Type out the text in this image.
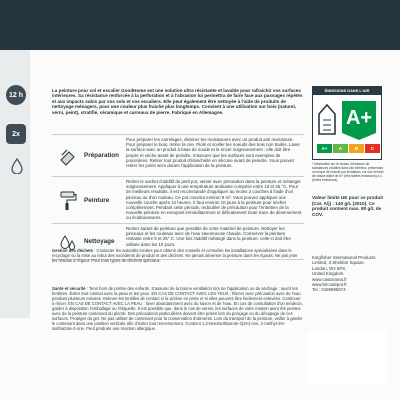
12 h
2x
La peinture pour sol et escalier GoodHome est une solution ultra résistante et lavable pour rafraichir vos surfaces intérieures. Sa résistance renforcée à la perforation et à l'abrasion lui permettra de faire face aux passages répétés et aux impacts subis par vos sols et vos escaliers. Elle peut également être nettoyée à l'aide de produits de nettoyage ménagers, pour une couleur plus fraiche plus longtemps. Convient à une utilisation sur bois (naturel, verni, peint), stratifié, céramique et carreaux de pierre. Fabriqué en Allemagne.
Préparation
Pour préparer les carrelages, éliminer les moisissures avec un produit anti moisissure. Pour préparer le bois, retirer la cire. Piolir et sceller les noeuds des bois non traités. Laver la surface avec un produit à base de soude et la rincer soigneusement : elle doit être propre et sèche avant de peindre. S'assurer que les surfaces sont exemptes de poussières. Retirer tout produit d'étanchéité en silicone avant de peindre. Vous pouvez retirer les joints secs durant l'application de la peinture.
Peinture
Retirer le sachet d'additif du petit pot, verser avec précaution dans la peinture et mélanger soigneusement. Appliquer à une température ambiante comprise entre 10 et 25 °C. Pour de meilleurs résultats, il est recommandé d'appliquer au moins 2 couches à l'aide d'un pinceau ou d'un rouleau. Ce pot couvrira environ 9 m². Vous pouvez appliquer une nouvelle couche après 12 heures. Il faut environ 10 jours à la peinture pour sécher complètement. Pendant cette période, redoubler de précaution pour l'entretien de la nouvelle peinture en essuyant immédiatement et délicatement toute trace de déversement ou éclaboussures.
Nettoyage
Retirer autant de peinture que possible de votre matériel de peinture. Nettoyer les pinceaux et les rouleaux avec de l'eau savonneuse chaude. Conserver la peinture restante entre 5 et 25° C. Une fois l'additif mélangé dans la peinture, celle-ci doit être utilisée dans les 10 jours.
Gestion des déchets : Contacter les autorités locales pour obtenir des conseils et connaître les installations spécialisées dans le recyclage ou la mise au rebut des excédents de produit et des déchets. Ne jamais déverser la peinture dans les égouts. Ne pas jeter les résidus à l'égout. Pour tous types de déchets spéciaux.
Santé et sécurité : Tenir hors de portée des enfants. S'assurer de la bonne ventilation lors de l'application ou du séchage : ouvrir les fenêtres. Éviter tout contact avec la peau et les yeux. EN CAS DE CONTACT AVEC LES YEUX : Rincer avec précaution avec de l'eau pendant plusieurs minutes. Enlever les lentilles de contact si la victime en porte et si elles peuvent être facilement enlevées. Continuer à rincer. EN CAS DE CONTACT AVEC LA PEAU : laver abondamment avec du savon et de l'eau. En cas de consultation d'un médecin, garder à disposition l'emballage ou l'étiquette. Il est possible que, dans le cas de vernis, les surfaces de votre maison aient été peintes avec de la peinture contenant du plomb. Des précautions particulières doivent être prises lors du ponçage ou du décapage de ces surfaces. Protéger du gel. Ne pas utiliser de contenant pour la conservation d'aliments. Lors du transport de la peinture, veiller à garder le contenant dans une position verticale afin d'éviter tout renversement. Contient 1,2-benzisothiazole-3(2H)-one, 2-méthyl-2H-isothiazole-3-one. Peut produire une réaction allergique.
ÉMISSIONS DANS L'AIR INTÉRIEUR*
A+
A+	A	B	C
* Information sur le niveau d'émission de substances volatiles dans l'air intérieur, présentant un risque de toxicité par inhalation, sur une échelle de classe allant de A+ (très faibles émissions) à C (fortes émissions).
Valeur limite UE pour ce produit (Cat. A/j) : 140 g/L (2010). Ce produit contient max. 80 g/L de COV.
Kingfisher International Products
Limited, 3 Sheldon Square,
London, W2 6PX,
United Kingdom.
www.castorama.fr
www.bricodepot.fr
Tel : 0186995574
